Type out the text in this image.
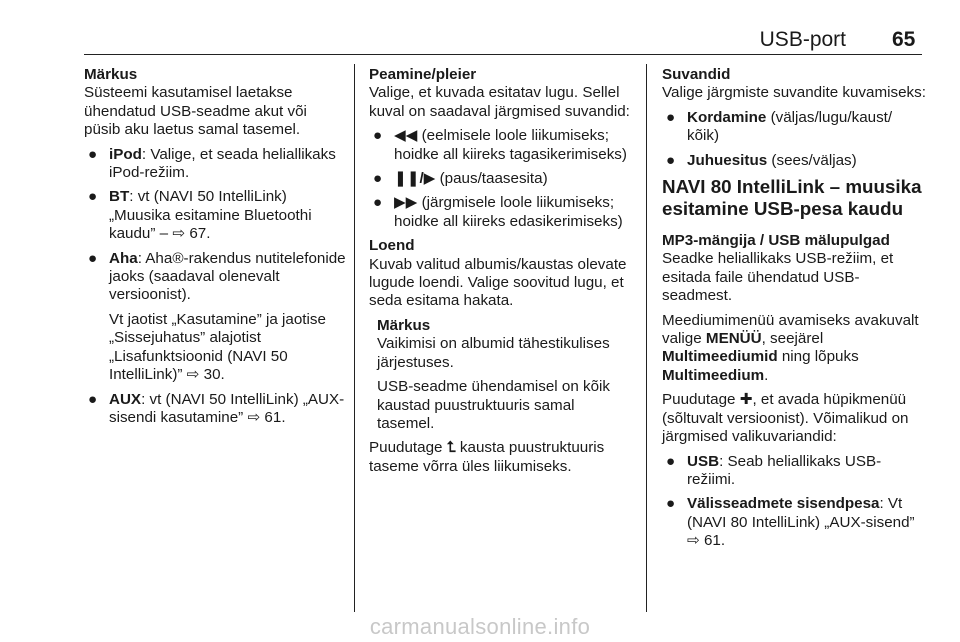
USB-port 65
Märkus

Süsteemi kasutamisel laetakse ühendatud USB-seadme akut või püsib aku laetus samal tasemel.

● iPod: Valige, et seada heliallikaks iPod-režiim.
● BT: vt (NAVI 50 IntelliLink) „Muusika esitamine Bluetoothi kaudu” – ⇨ 67.
● Aha: Aha®-rakendus nutitelefonide jaoks (saadaval olenevalt versioonist).
Vt jaotist „Kasutamine” ja jaotise „Sissejuhatus” alajotist „Lisafunktsioonid (NAVI 50 IntelliLink)” ⇨ 30.
● AUX: vt (NAVI 50 IntelliLink) „AUX-sisendi kasutamine” ⇨ 61.
Peamine/pleier

Valige, et kuvada esitatav lugu. Sellel kuval on saadaval järgmised suvandid:

● ◀◀ (eelmisele loole liikumiseks; hoidke all kiireks tagasikerimiseks)
● ❚❚/▶ (paus/taasesita)
● ▶▶ (järgmisele loole liikumiseks; hoidke all kiireks edasikerimiseks)
Loend

Kuvab valitud albumis/kaustas olevate lugude loendi. Valige soovitud lugu, et seda esitama hakata.

Märkus

Vaikimisi on albumid tähestikulises järjestuses.

USB-seadme ühendamisel on kõik kaustad puustruktuuris samal tasemel.

Puudutage ⮤ kausta puustruktuuris taseme võrra üles liikumiseks.

Suvandid

Valige järgmiste suvandite kuvamiseks:

● Kordamine (väljas/lugu/kaust/ kõik)
● Juhuesitus (sees/väljas)
NAVI 80 IntelliLink – muusika esitamine USB-pesa kaudu
MP3-mängija / USB mälupulgad

Seadke heliallikaks USB-režiim, et esitada faile ühendatud USB-seadmest.

Meediumimenüü avamiseks avakuvalt valige MENÜÜ, seejärel Multimeediumid ning lõpuks Multimeedium.

Puudutage ✚, et avada hüpikmenüü (sõltuvalt versioonist). Võimalikud on järgmised valikuvariandid:

● USB: Seab heliallikaks USB-režiimi.
● Välisseadmete sisendpesa: Vt (NAVI 80 IntelliLink) „AUX-sisend” ⇨ 61.
carmanualsonline.info
